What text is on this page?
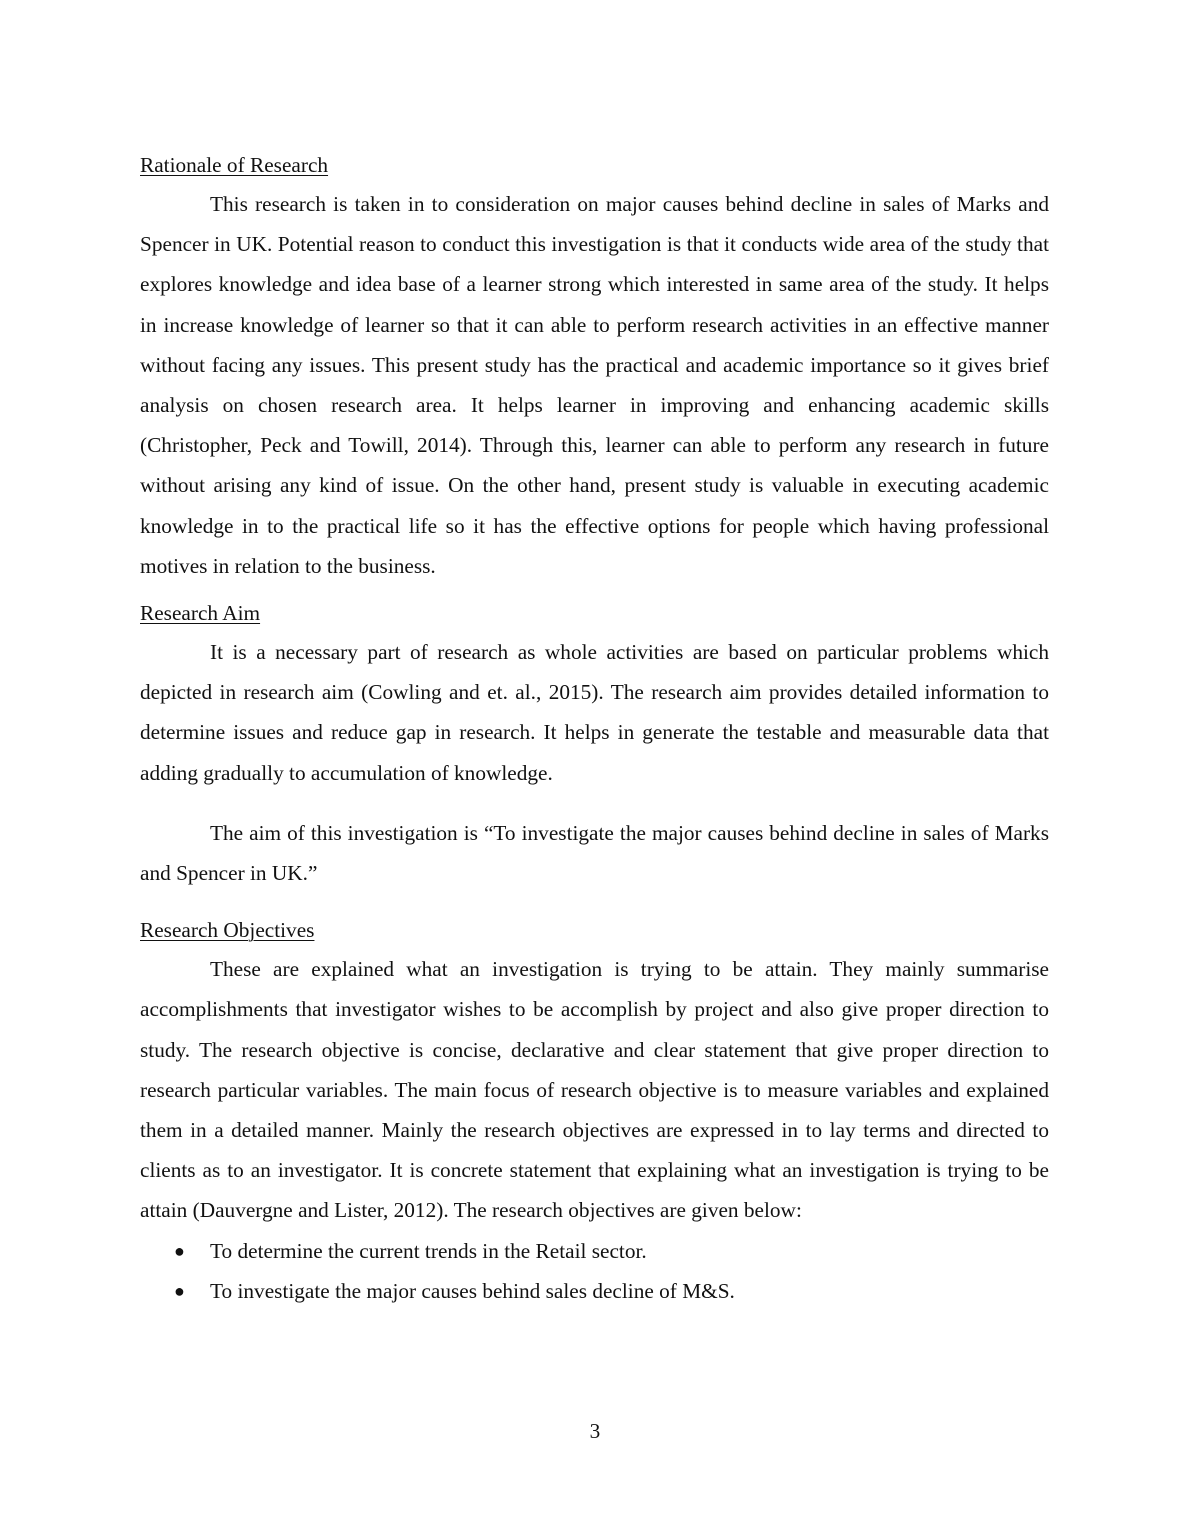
Rationale of Research

This research is taken in to consideration on major causes behind decline in sales of Marks and Spencer in UK. Potential reason to conduct this investigation is that it conducts wide area of the study that explores knowledge and idea base of a learner strong which interested in same area of the study. It helps in increase knowledge of learner so that it can able to perform research activities in an effective manner without facing any issues. This present study has the practical and academic importance so it gives brief analysis on chosen research area. It helps learner in improving and enhancing academic skills (Christopher, Peck and Towill, 2014). Through this, learner can able to perform any research in future without arising any kind of issue. On the other hand, present study is valuable in executing academic knowledge in to the practical life so it has the effective options for people which having professional motives in relation to the business.

Research Aim

It is a necessary part of research as whole activities are based on particular problems which depicted in research aim (Cowling and et. al., 2015). The research aim provides detailed information to determine issues and reduce gap in research. It helps in generate the testable and measurable data that adding gradually to accumulation of knowledge.

The aim of this investigation is “To investigate the major causes behind decline in sales of Marks and Spencer in UK.”

Research Objectives

These are explained what an investigation is trying to be attain. They mainly summarise accomplishments that investigator wishes to be accomplish by project and also give proper direction to study. The research objective is concise, declarative and clear statement that give proper direction to research particular variables. The main focus of research objective is to measure variables and explained them in a detailed manner. Mainly the research objectives are expressed in to lay terms and directed to clients as to an investigator. It is concrete statement that explaining what an investigation is trying to be attain (Dauvergne and Lister, 2012). The research objectives are given below:

● To determine the current trends in the Retail sector.
● To investigate the major causes behind sales decline of M&S.
3
